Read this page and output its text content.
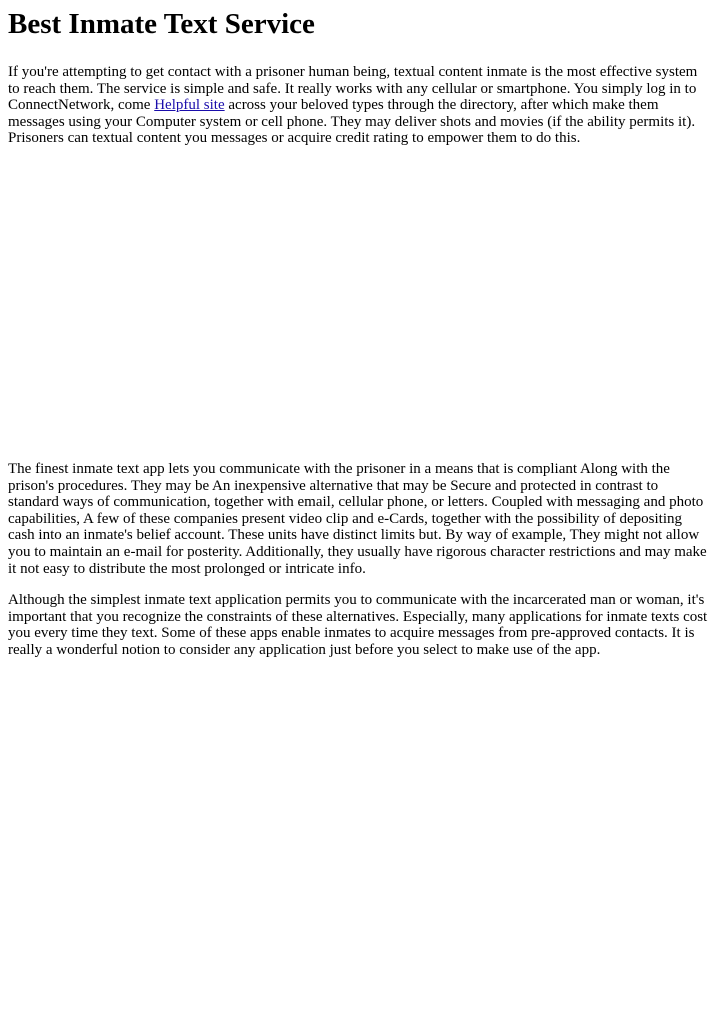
Best Inmate Text Service

If you're attempting to get contact with a prisoner human being, textual content inmate is the most effective system to reach them. The service is simple and safe. It really works with any cellular or smartphone. You simply log in to ConnectNetwork, come Helpful site across your beloved types through the directory, after which make them messages using your Computer system or cell phone. They may deliver shots and movies (if the ability permits it). Prisoners can textual content you messages or acquire credit rating to empower them to do this.

The finest inmate text app lets you communicate with the prisoner in a means that is compliant Along with the prison's procedures. They may be An inexpensive alternative that may be Secure and protected in contrast to standard ways of communication, together with email, cellular phone, or letters. Coupled with messaging and photo capabilities, A few of these companies present video clip and e-Cards, together with the possibility of depositing cash into an inmate's belief account. These units have distinct limits but. By way of example, They might not allow you to maintain an e-mail for posterity. Additionally, they usually have rigorous character restrictions and may make it not easy to distribute the most prolonged or intricate info.

Although the simplest inmate text application permits you to communicate with the incarcerated man or woman, it's important that you recognize the constraints of these alternatives. Especially, many applications for inmate texts cost you every time they text. Some of these apps enable inmates to acquire messages from pre-approved contacts. It is really a wonderful notion to consider any application just before you select to make use of the app.
